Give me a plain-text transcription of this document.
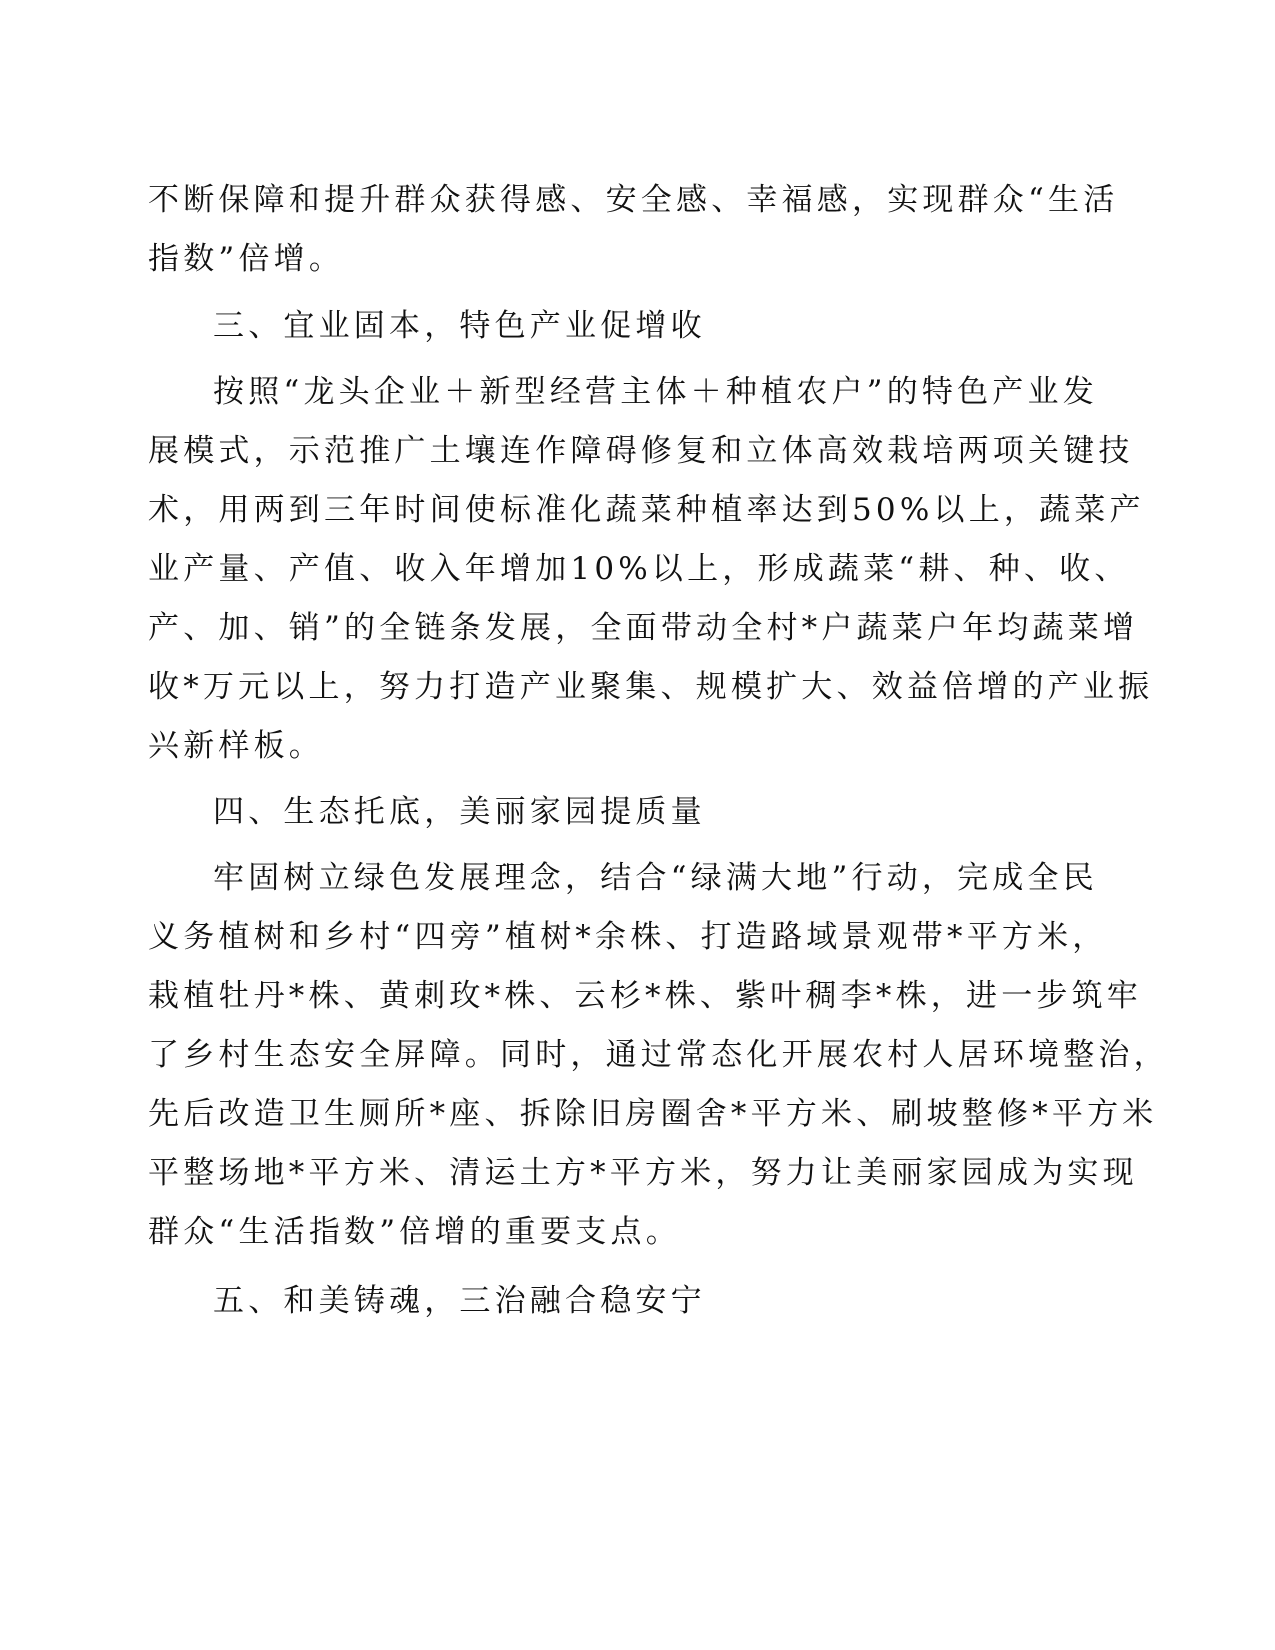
不断保障和提升群众获得感、安全感、幸福感，实现群众“生活
指数”倍增。
三、宜业固本，特色产业促增收
按照“龙头企业＋新型经营主体＋种植农户”的特色产业发
展模式，示范推广土壤连作障碍修复和立体高效栽培两项关键技
术，用两到三年时间使标准化蔬菜种植率达到50%以上，蔬菜产
业产量、产值、收入年增加10%以上，形成蔬菜“耕、种、收、
产、加、销”的全链条发展，全面带动全村*户蔬菜户年均蔬菜增
收*万元以上，努力打造产业聚集、规模扩大、效益倍增的产业振
兴新样板。
四、生态托底，美丽家园提质量
牢固树立绿色发展理念，结合“绿满大地”行动，完成全民
义务植树和乡村“四旁”植树*余株、打造路域景观带*平方米，
栽植牡丹*株、黄刺玫*株、云杉*株、紫叶稠李*株，进一步筑牢
了乡村生态安全屏障。同时，通过常态化开展农村人居环境整治，
先后改造卫生厕所*座、拆除旧房圈舍*平方米、刷坡整修*平方米
平整场地*平方米、清运土方*平方米，努力让美丽家园成为实现
群众“生活指数”倍增的重要支点。
五、和美铸魂，三治融合稳安宁
